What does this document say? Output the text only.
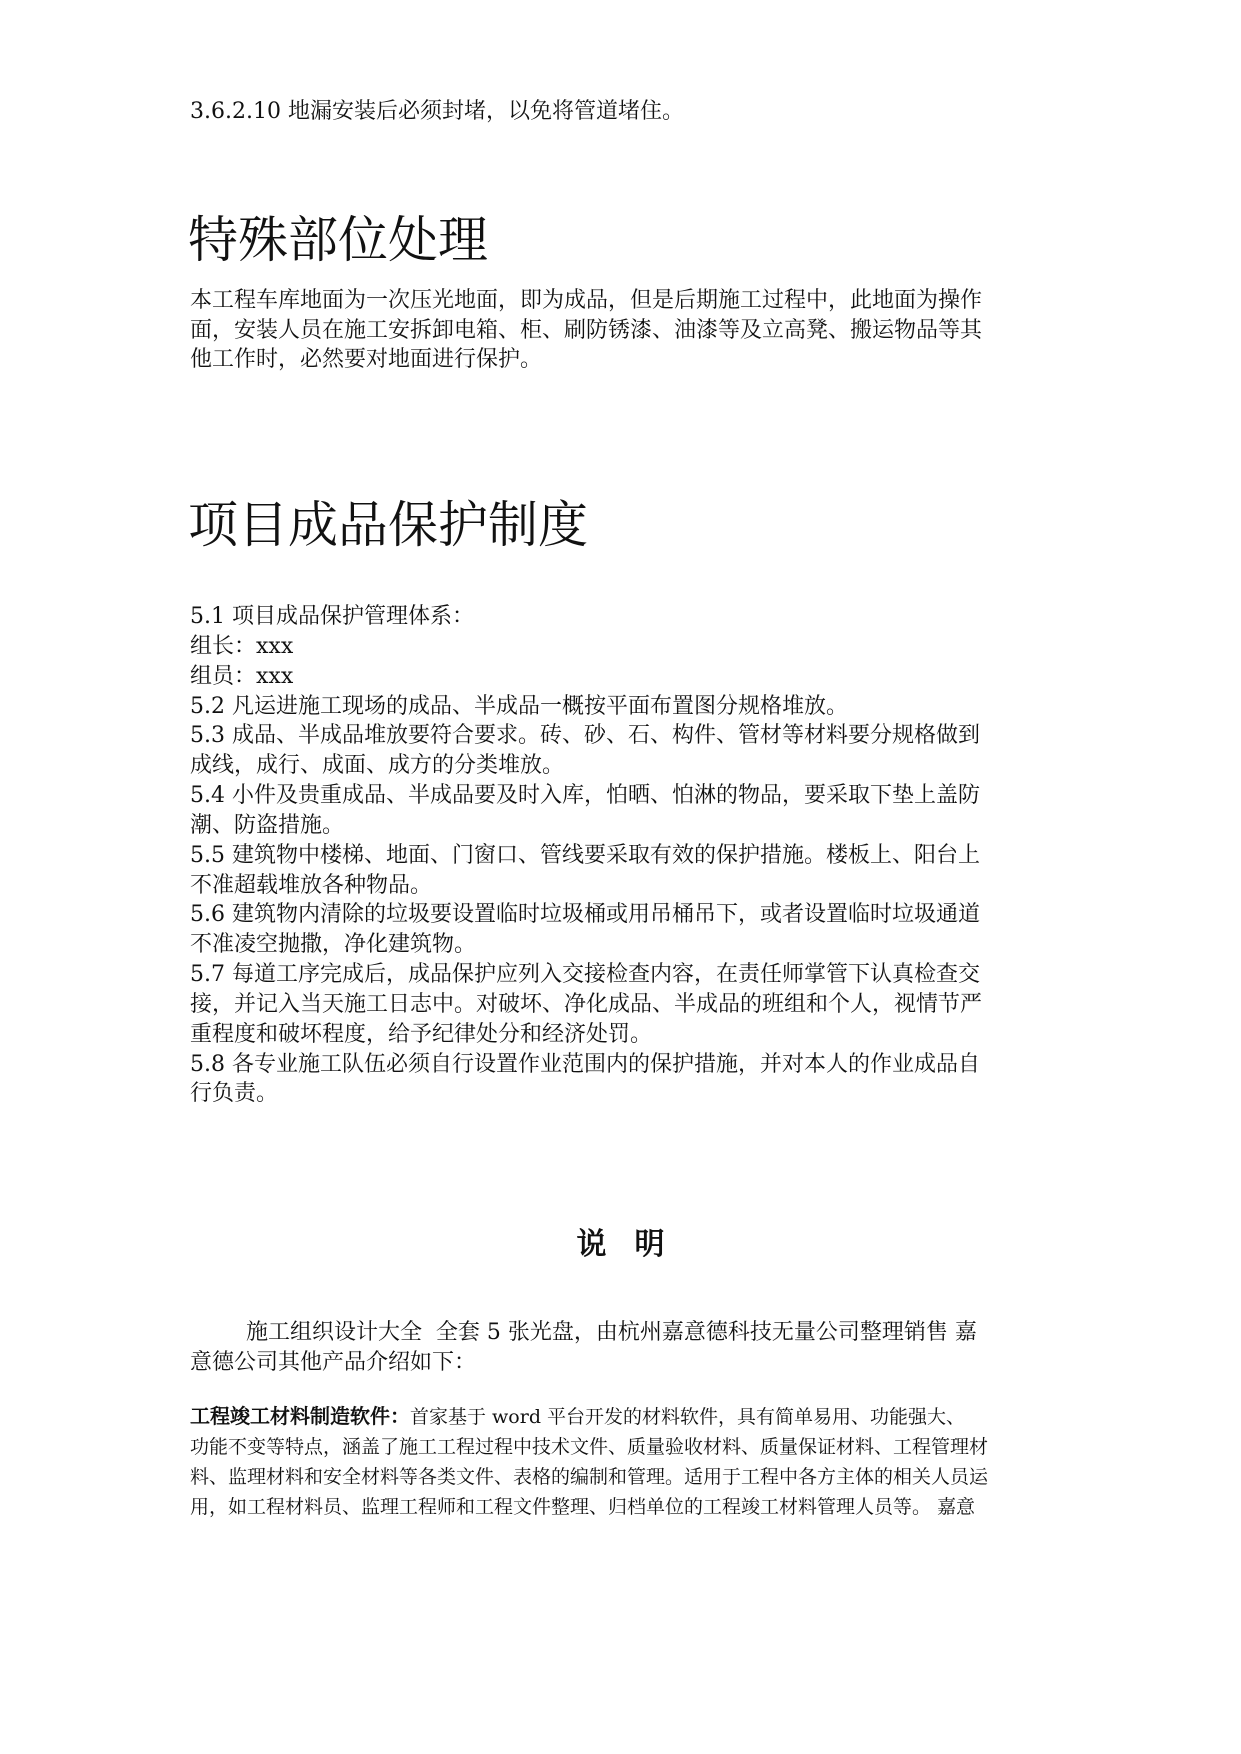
3.6.2.10 地漏安装后必须封堵，以免将管道堵住。
特殊部位处理
本工程车库地面为一次压光地面，即为成品，但是后期施工过程中，此地面为操作
面，安装人员在施工安拆卸电箱、柜、刷防锈漆、油漆等及立高凳、搬运物品等其
他工作时，必然要对地面进行保护。
项目成品保护制度
5.1 项目成品保护管理体系：
组长：xxx
组员：xxx
5.2 凡运进施工现场的成品、半成品一概按平面布置图分规格堆放。
5.3 成品、半成品堆放要符合要求。砖、砂、石、构件、管材等材料要分规格做到
成线，成行、成面、成方的分类堆放。
5.4 小件及贵重成品、半成品要及时入库，怕晒、怕淋的物品，要采取下垫上盖防
潮、防盗措施。
5.5 建筑物中楼梯、地面、门窗口、管线要采取有效的保护措施。楼板上、阳台上
不准超载堆放各种物品。
5.6 建筑物内清除的垃圾要设置临时垃圾桶或用吊桶吊下，或者设置临时垃圾通道
不准凌空抛撒，净化建筑物。
5.7 每道工序完成后，成品保护应列入交接检查内容，在责任师掌管下认真检查交
接，并记入当天施工日志中。对破坏、净化成品、半成品的班组和个人，视情节严
重程度和破坏程度，给予纪律处分和经济处罚。
5.8 各专业施工队伍必须自行设置作业范围内的保护措施，并对本人的作业成品自
行负责。
说明
施工组织设计大全  全套 5 张光盘，由杭州嘉意德科技无量公司整理销售 嘉
意德公司其他产品介绍如下：
工程竣工材料制造软件：首家基于 word 平台开发的材料软件，具有简单易用、功能强大、
功能不变等特点，涵盖了施工工程过程中技术文件、质量验收材料、质量保证材料、工程管理材
料、监理材料和安全材料等各类文件、表格的编制和管理。适用于工程中各方主体的相关人员运
用，如工程材料员、监理工程师和工程文件整理、归档单位的工程竣工材料管理人员等。 嘉意
